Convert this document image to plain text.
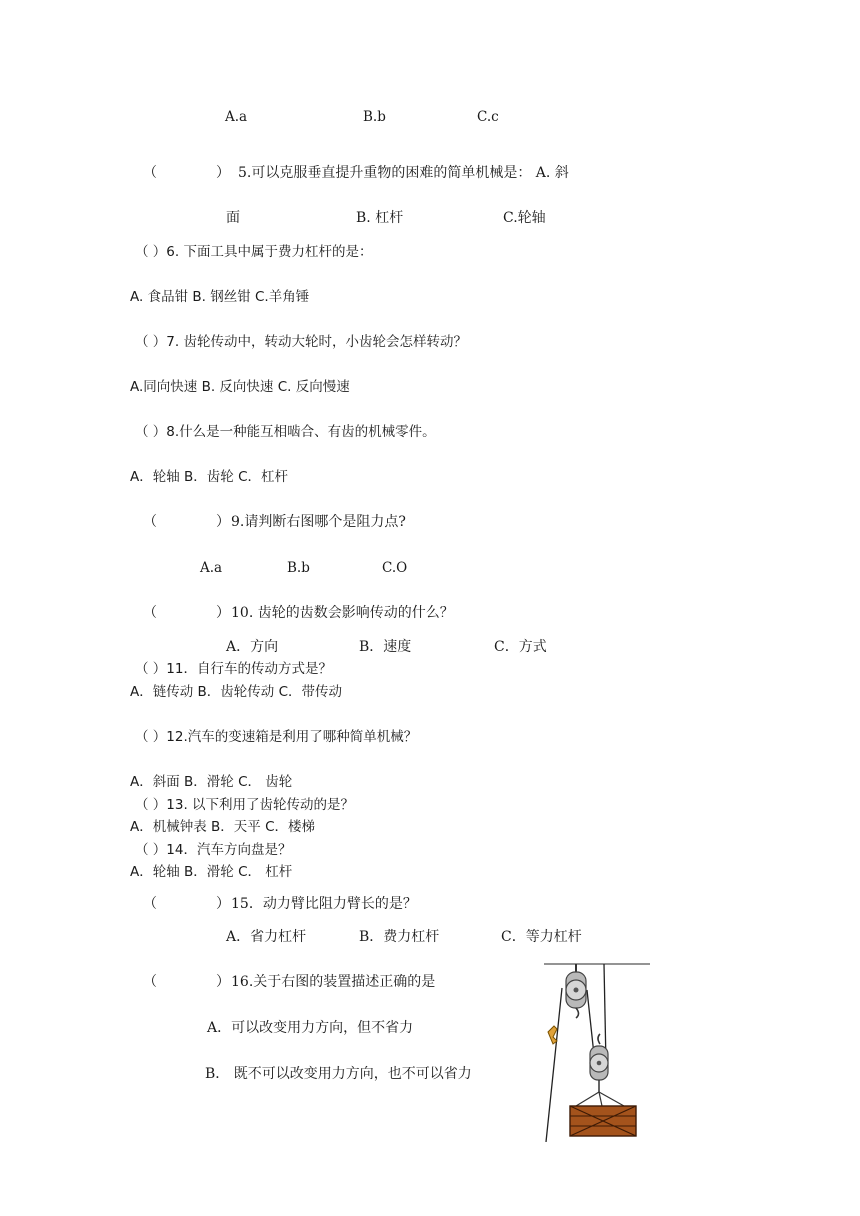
A.a	B.b	C.c
（	） 5.可以克服垂直提升重物的困难的简单机械是： A. 斜
面	B. 杠杆	C.轮轴
（ ）6. 下面工具中属于费力杠杆的是：
A. 食品钳 B. 钢丝钳 C.羊角锤
（ ）7. 齿轮传动中，转动大轮时，小齿轮会怎样转动？
A.同向快速 B. 反向快速 C. 反向慢速
（ ）8.什么是一种能互相啮合、有齿的机械零件。
A．轮轴 B．齿轮 C．杠杆
（	） 9.请判断右图哪个是阻力点?
A.a	B.b	C.O
（	） 10. 齿轮的齿数会影响传动的什么？
A．方向	B．速度	C．方式
（ ）11．自行车的传动方式是？
A．链传动 B．齿轮传动 C．带传动
（ ）12.汽车的变速箱是利用了哪种简单机械？
A．斜面 B．滑轮 C． 齿轮
（ ）13. 以下利用了齿轮传动的是？
A．机械钟表 B．天平 C．楼梯
（ ）14．汽车方向盘是？
A．轮轴 B．滑轮 C． 杠杆
（	） 15．动力臂比阻力臂长的是？
A．省力杠杆	B．费力杠杆	C．等力杠杆
（	） 16.关于右图的装置描述正确的是
A．可以改变用力方向，但不省力
B． 既不可以改变用力方向，也不可以省力
